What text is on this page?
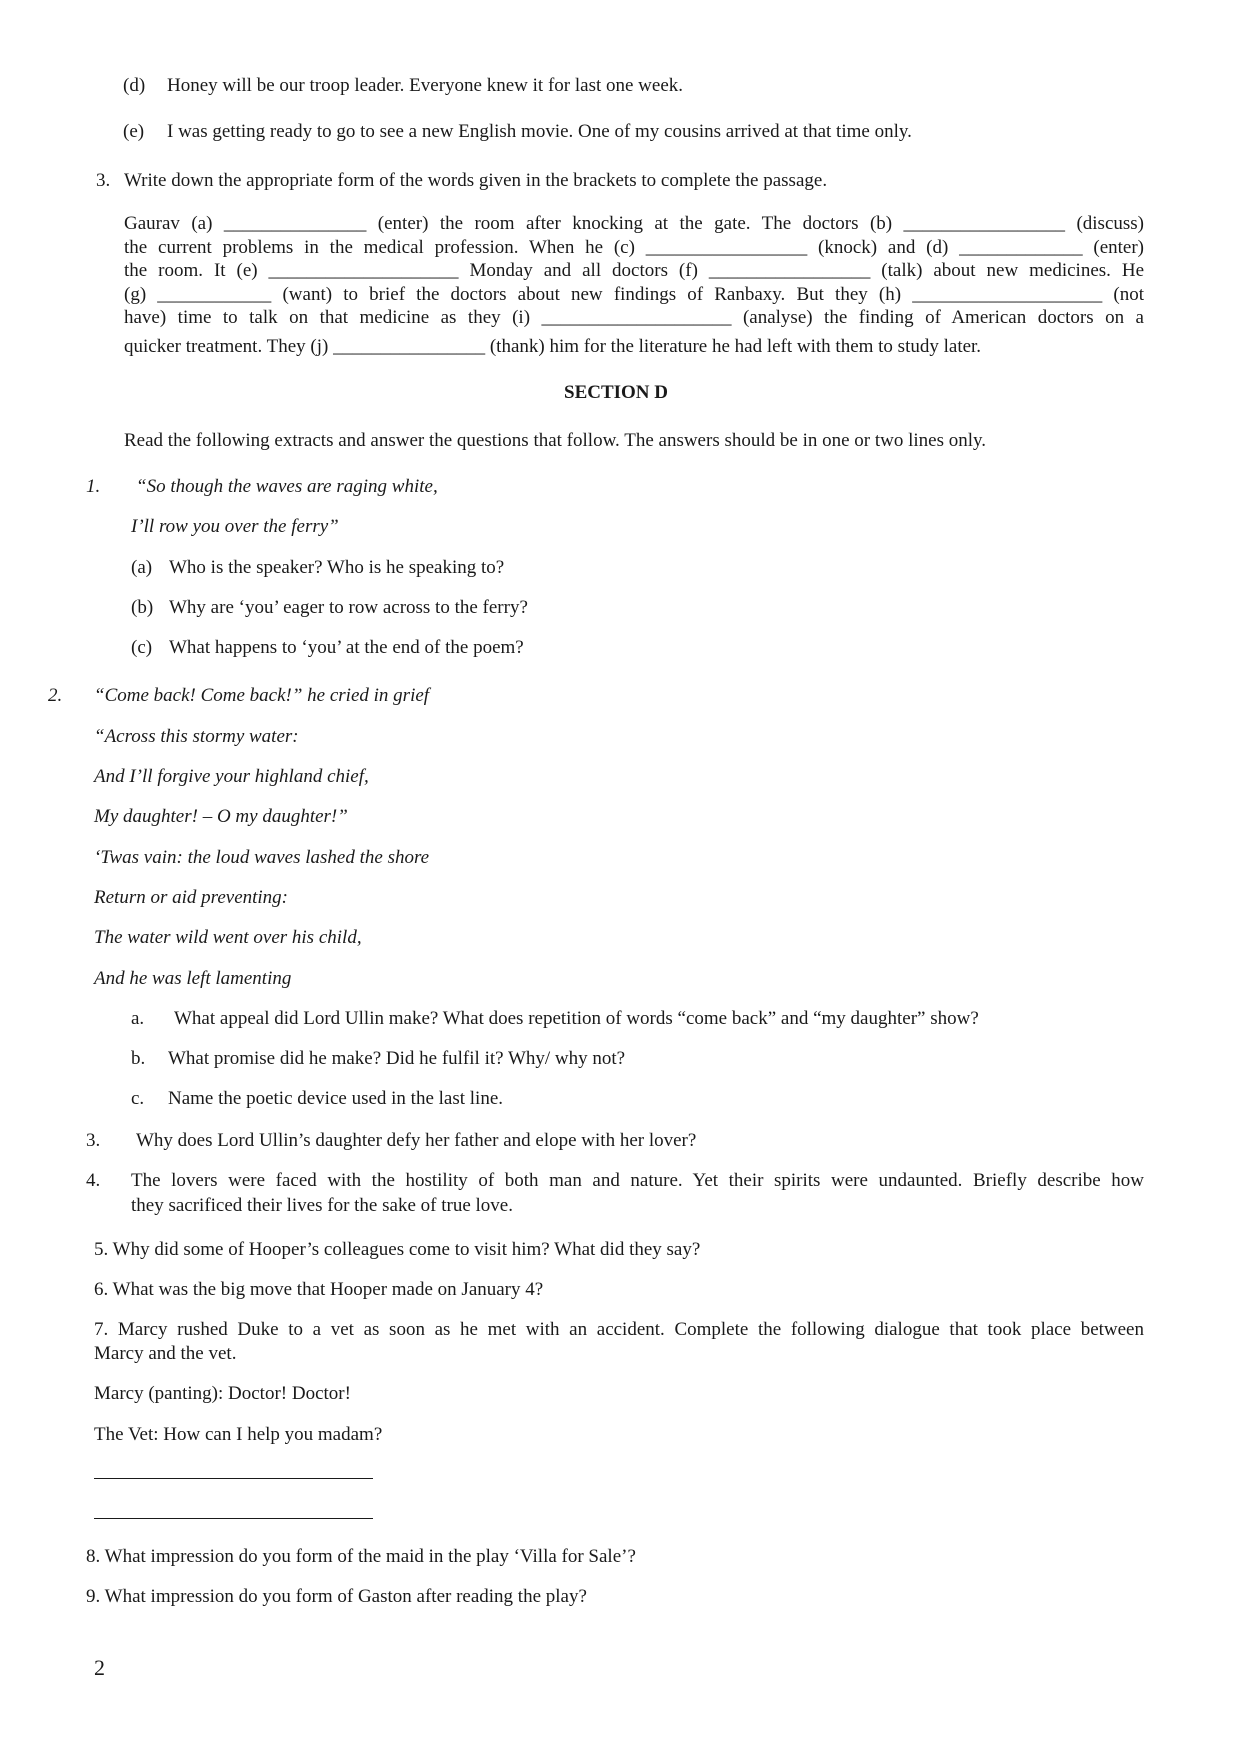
(d) Honey will be our troop leader. Everyone knew it for last one week.
(e) I was getting ready to go to see a new English movie. One of my cousins arrived at that time only.
3. Write down the appropriate form of the words given in the brackets to complete the passage.
Gaurav (a) _______________ (enter) the room after knocking at the gate. The doctors (b) _________________ (discuss)
the current problems in the medical profession. When he (c) _________________ (knock) and (d) _____________ (enter)
the room. It (e) ____________________ Monday and all doctors (f) _________________ (talk) about new medicines. He
(g) ____________ (want) to brief the doctors about new findings of Ranbaxy. But they (h) ____________________ (not
have) time to talk on that medicine as they (i) ____________________ (analyse) the finding of American doctors on a
quicker treatment. They (j) ________________ (thank) him for the literature he had left with them to study later.
SECTION D
Read the following extracts and answer the questions that follow. The answers should be in one or two lines only.
1. “So though the waves are raging white,
I’ll row you over the ferry”
(a) Who is the speaker? Who is he speaking to?
(b) Why are ‘you’ eager to row across to the ferry?
(c) What happens to ‘you’ at the end of the poem?
2. “Come back! Come back!” he cried in grief
“Across this stormy water:
And I’ll forgive your highland chief,
My daughter! – O my daughter!”
‘Twas vain: the loud waves lashed the shore
Return or aid preventing:
The water wild went over his child,
And he was left lamenting
a. What appeal did Lord Ullin make? What does repetition of words “come back” and “my daughter” show?
b. What promise did he make? Did he fulfil it? Why/ why not?
c. Name the poetic device used in the last line.
3. Why does Lord Ullin’s daughter defy her father and elope with her lover?
4. The lovers were faced with the hostility of both man and nature. Yet their spirits were undaunted. Briefly describe how
they sacrificed their lives for the sake of true love.
5. Why did some of Hooper’s colleagues come to visit him? What did they say?
6. What was the big move that Hooper made on January 4?
7. Marcy rushed Duke to a vet as soon as he met with an accident. Complete the following dialogue that took place between
Marcy and the vet.
Marcy (panting): Doctor! Doctor!
The Vet: How can I help you madam?
8. What impression do you form of the maid in the play ‘Villa for Sale’?
9. What impression do you form of Gaston after reading the play?
2
